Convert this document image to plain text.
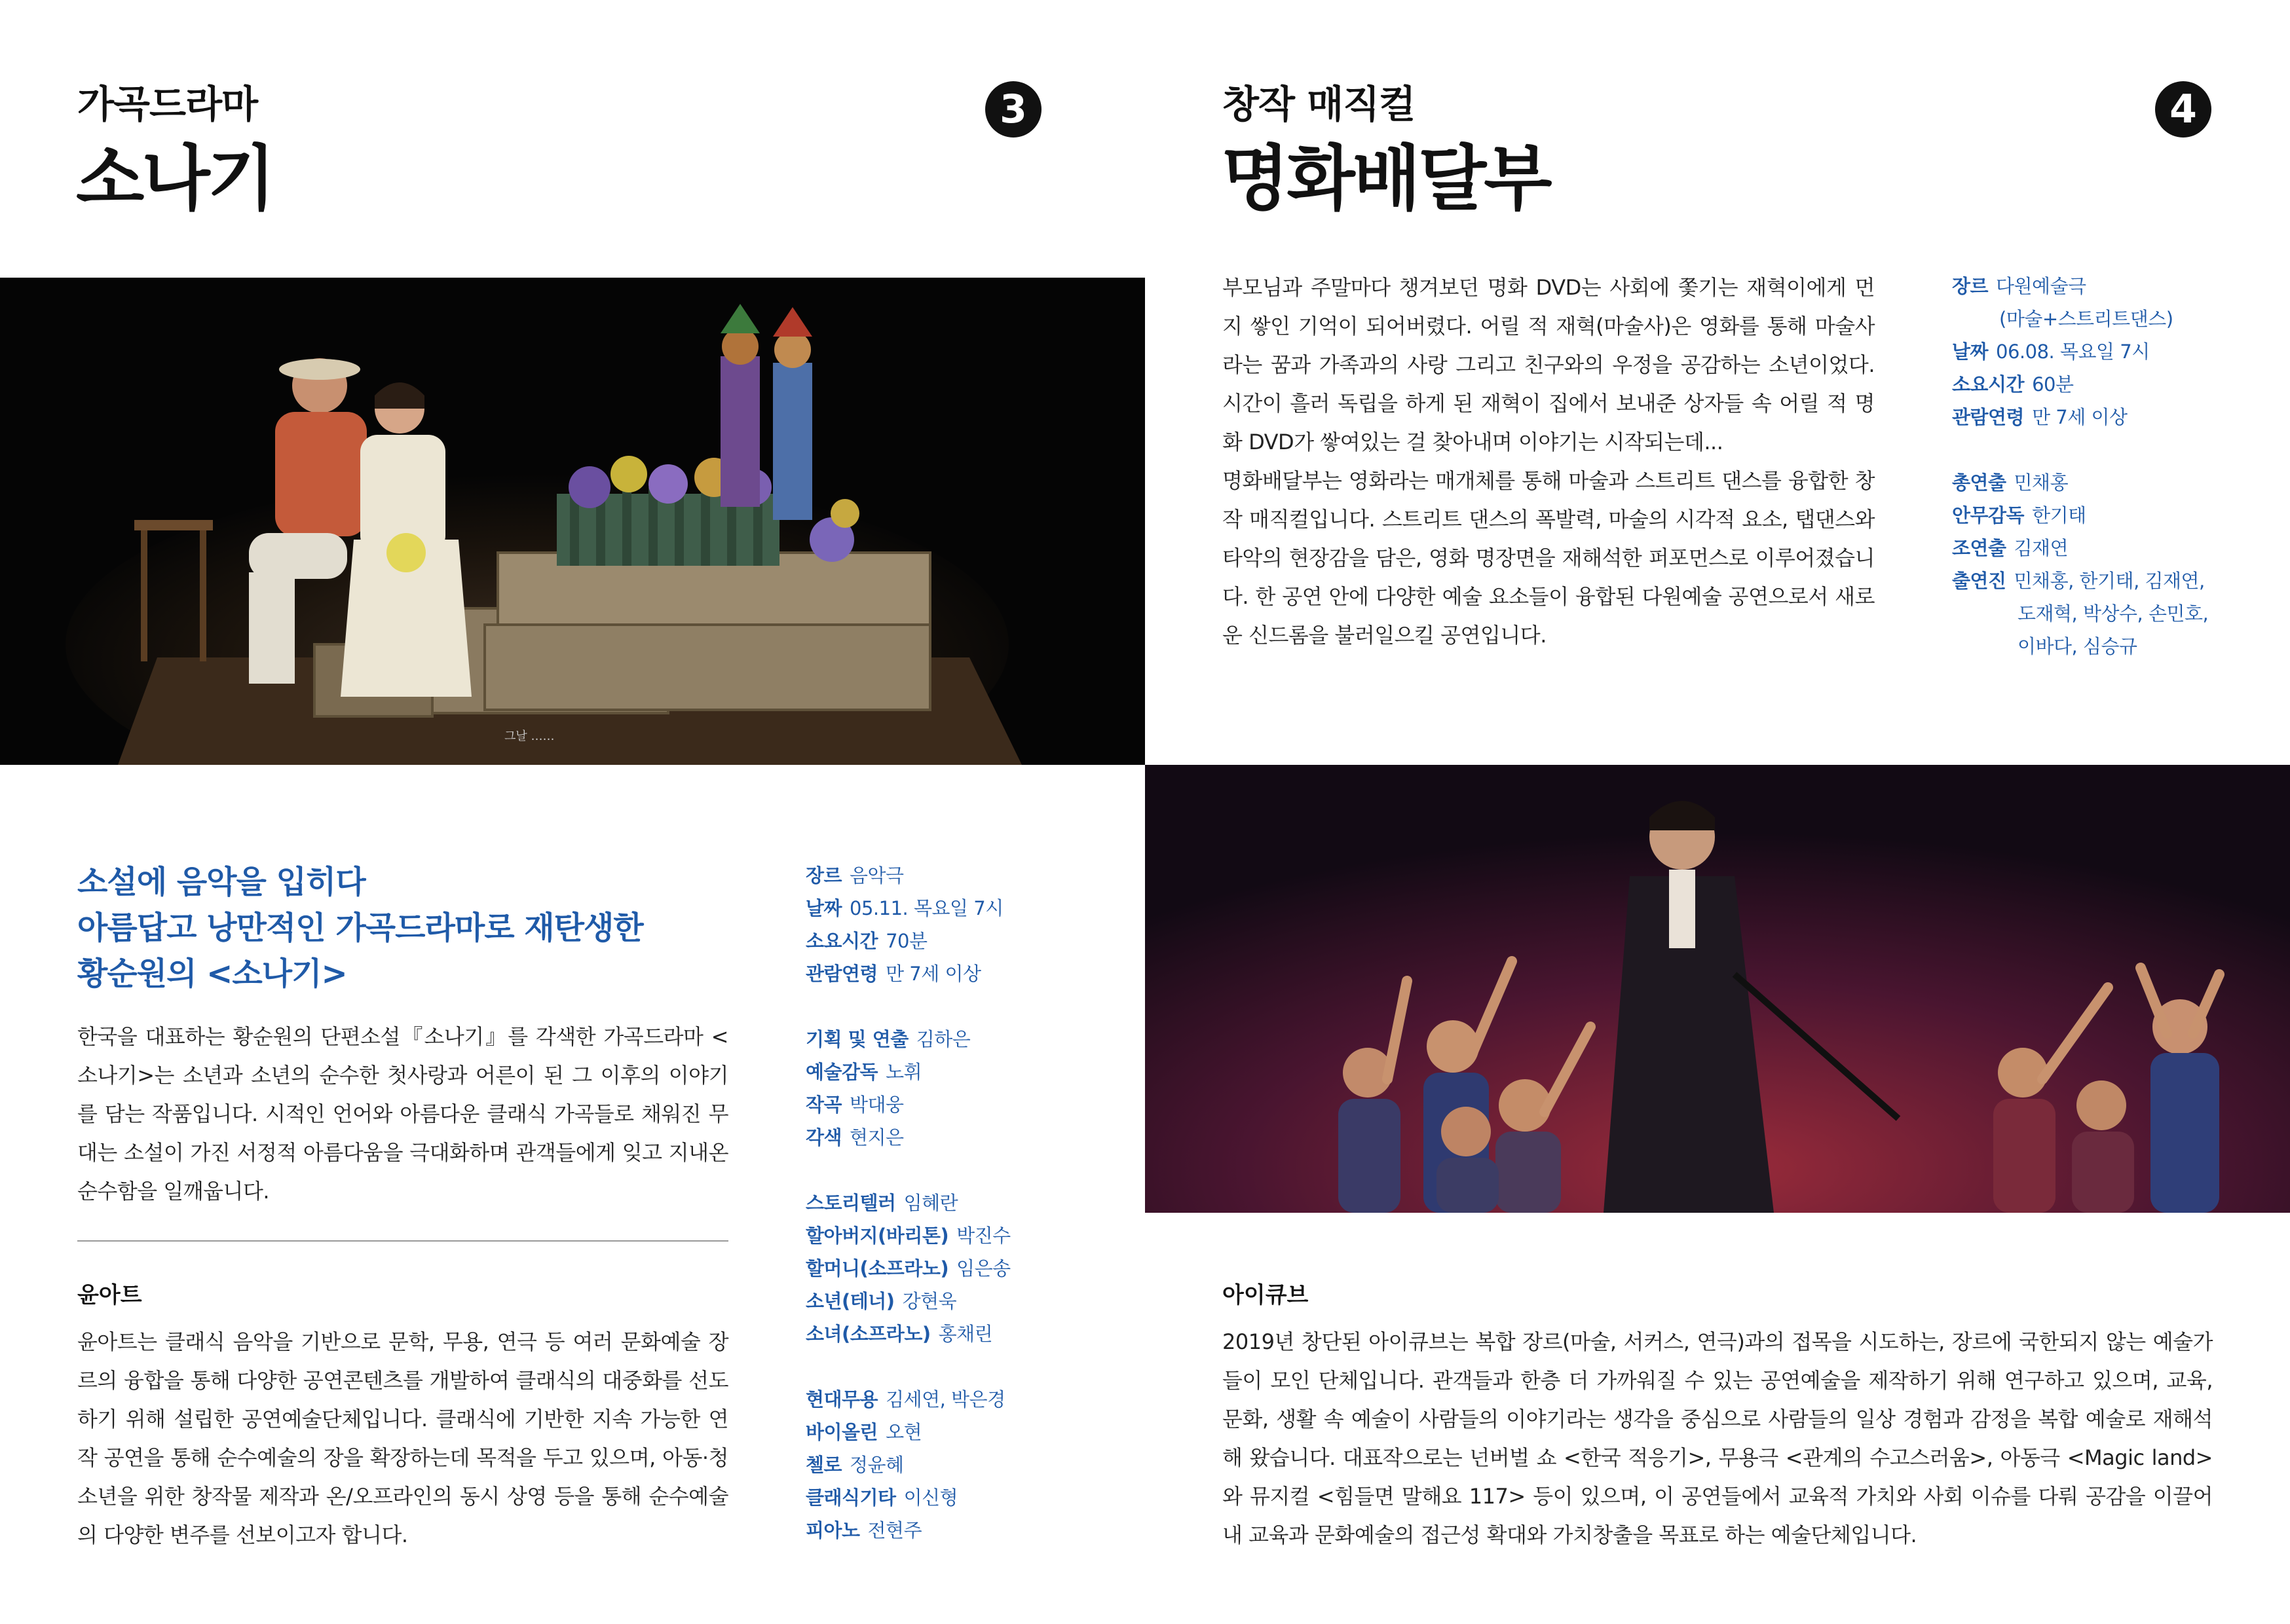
가곡드라마
소나기
3	창작 매직컬
명화배달부
4
그날 ……

부모님과 주말마다 챙겨보던 명화 DVD는 사회에 쫓기는 재혁이에게 먼지 쌓인 기억이 되어버렸다. 어릴 적 재혁(마술사)은 영화를 통해 마술사라는 꿈과 가족과의 사랑 그리고 친구와의 우정을 공감하는 소년이었다. 시간이 흘러 독립을 하게 된 재혁이 집에서 보내준 상자들 속 어릴 적 명화 DVD가 쌓여있는 걸 찾아내며 이야기는 시작되는데...

명화배달부는 영화라는 매개체를 통해 마술과 스트리트 댄스를 융합한 창작 매직컬입니다. 스트리트 댄스의 폭발력, 마술의 시각적 요소, 탭댄스와 타악의 현장감을 담은, 영화 명장면을 재해석한 퍼포먼스로 이루어졌습니다. 한 공연 안에 다양한 예술 요소들이 융합된 다원예술 공연으로서 새로운 신드롬을 불러일으킬 공연입니다.

장르 다원예술극
(마술+스트리트댄스)
날짜 06.08. 목요일 7시
소요시간 60분
관람연령 만 7세 이상
총연출 민채홍
안무감독 한기태
조연출 김재연
출연진 민채홍, 한기태, 김재연,
도재혁, 박상수, 손민호,
이바다, 심승규
소설에 음악을 입히다
아름답고 낭만적인 가곡드라마로 재탄생한
황순원의 <소나기>
한국을 대표하는 황순원의 단편소설『소나기』를 각색한 가곡드라마 <소나기>는 소년과 소년의 순수한 첫사랑과 어른이 된 그 이후의 이야기를 담는 작품입니다. 시적인 언어와 아름다운 클래식 가곡들로 채워진 무대는 소설이 가진 서정적 아름다움을 극대화하며 관객들에게 잊고 지내온 순수함을 일깨웁니다.
윤아트
윤아트는 클래식 음악을 기반으로 문학, 무용, 연극 등 여러 문화예술 장르의 융합을 통해 다양한 공연콘텐츠를 개발하여 클래식의 대중화를 선도하기 위해 설립한 공연예술단체입니다. 클래식에 기반한 지속 가능한 연작 공연을 통해 순수예술의 장을 확장하는데 목적을 두고 있으며, 아동·청소년을 위한 창작물 제작과 온/오프라인의 동시 상영 등을 통해 순수예술의 다양한 변주를 선보이고자 합니다.
장르 음악극
날짜 05.11. 목요일 7시
소요시간 70분
관람연령 만 7세 이상
기획 및 연출 김하은
예술감독 노휘
작곡 박대웅
각색 현지은
스토리텔러 임혜란
할아버지(바리톤) 박진수
할머니(소프라노) 임은송
소년(테너) 강현욱
소녀(소프라노) 홍채린
현대무용 김세연, 박은경
바이올린 오현
첼로 정윤혜
클래식기타 이신형
피아노 전현주
아이큐브
2019년 창단된 아이큐브는 복합 장르(마술, 서커스, 연극)과의 접목을 시도하는, 장르에 국한되지 않는 예술가들이 모인 단체입니다. 관객들과 한층 더 가까워질 수 있는 공연예술을 제작하기 위해 연구하고 있으며, 교육, 문화, 생활 속 예술이 사람들의 이야기라는 생각을 중심으로 사람들의 일상 경험과 감정을 복합 예술로 재해석해 왔습니다. 대표작으로는 넌버벌 쇼 <한국 적응기>, 무용극 <관계의 수고스러움>, 아동극 <Magic land>와 뮤지컬 <힘들면 말해요 117> 등이 있으며, 이 공연들에서 교육적 가치와 사회 이슈를 다뤄 공감을 이끌어내 교육과 문화예술의 접근성 확대와 가치창출을 목표로 하는 예술단체입니다.
